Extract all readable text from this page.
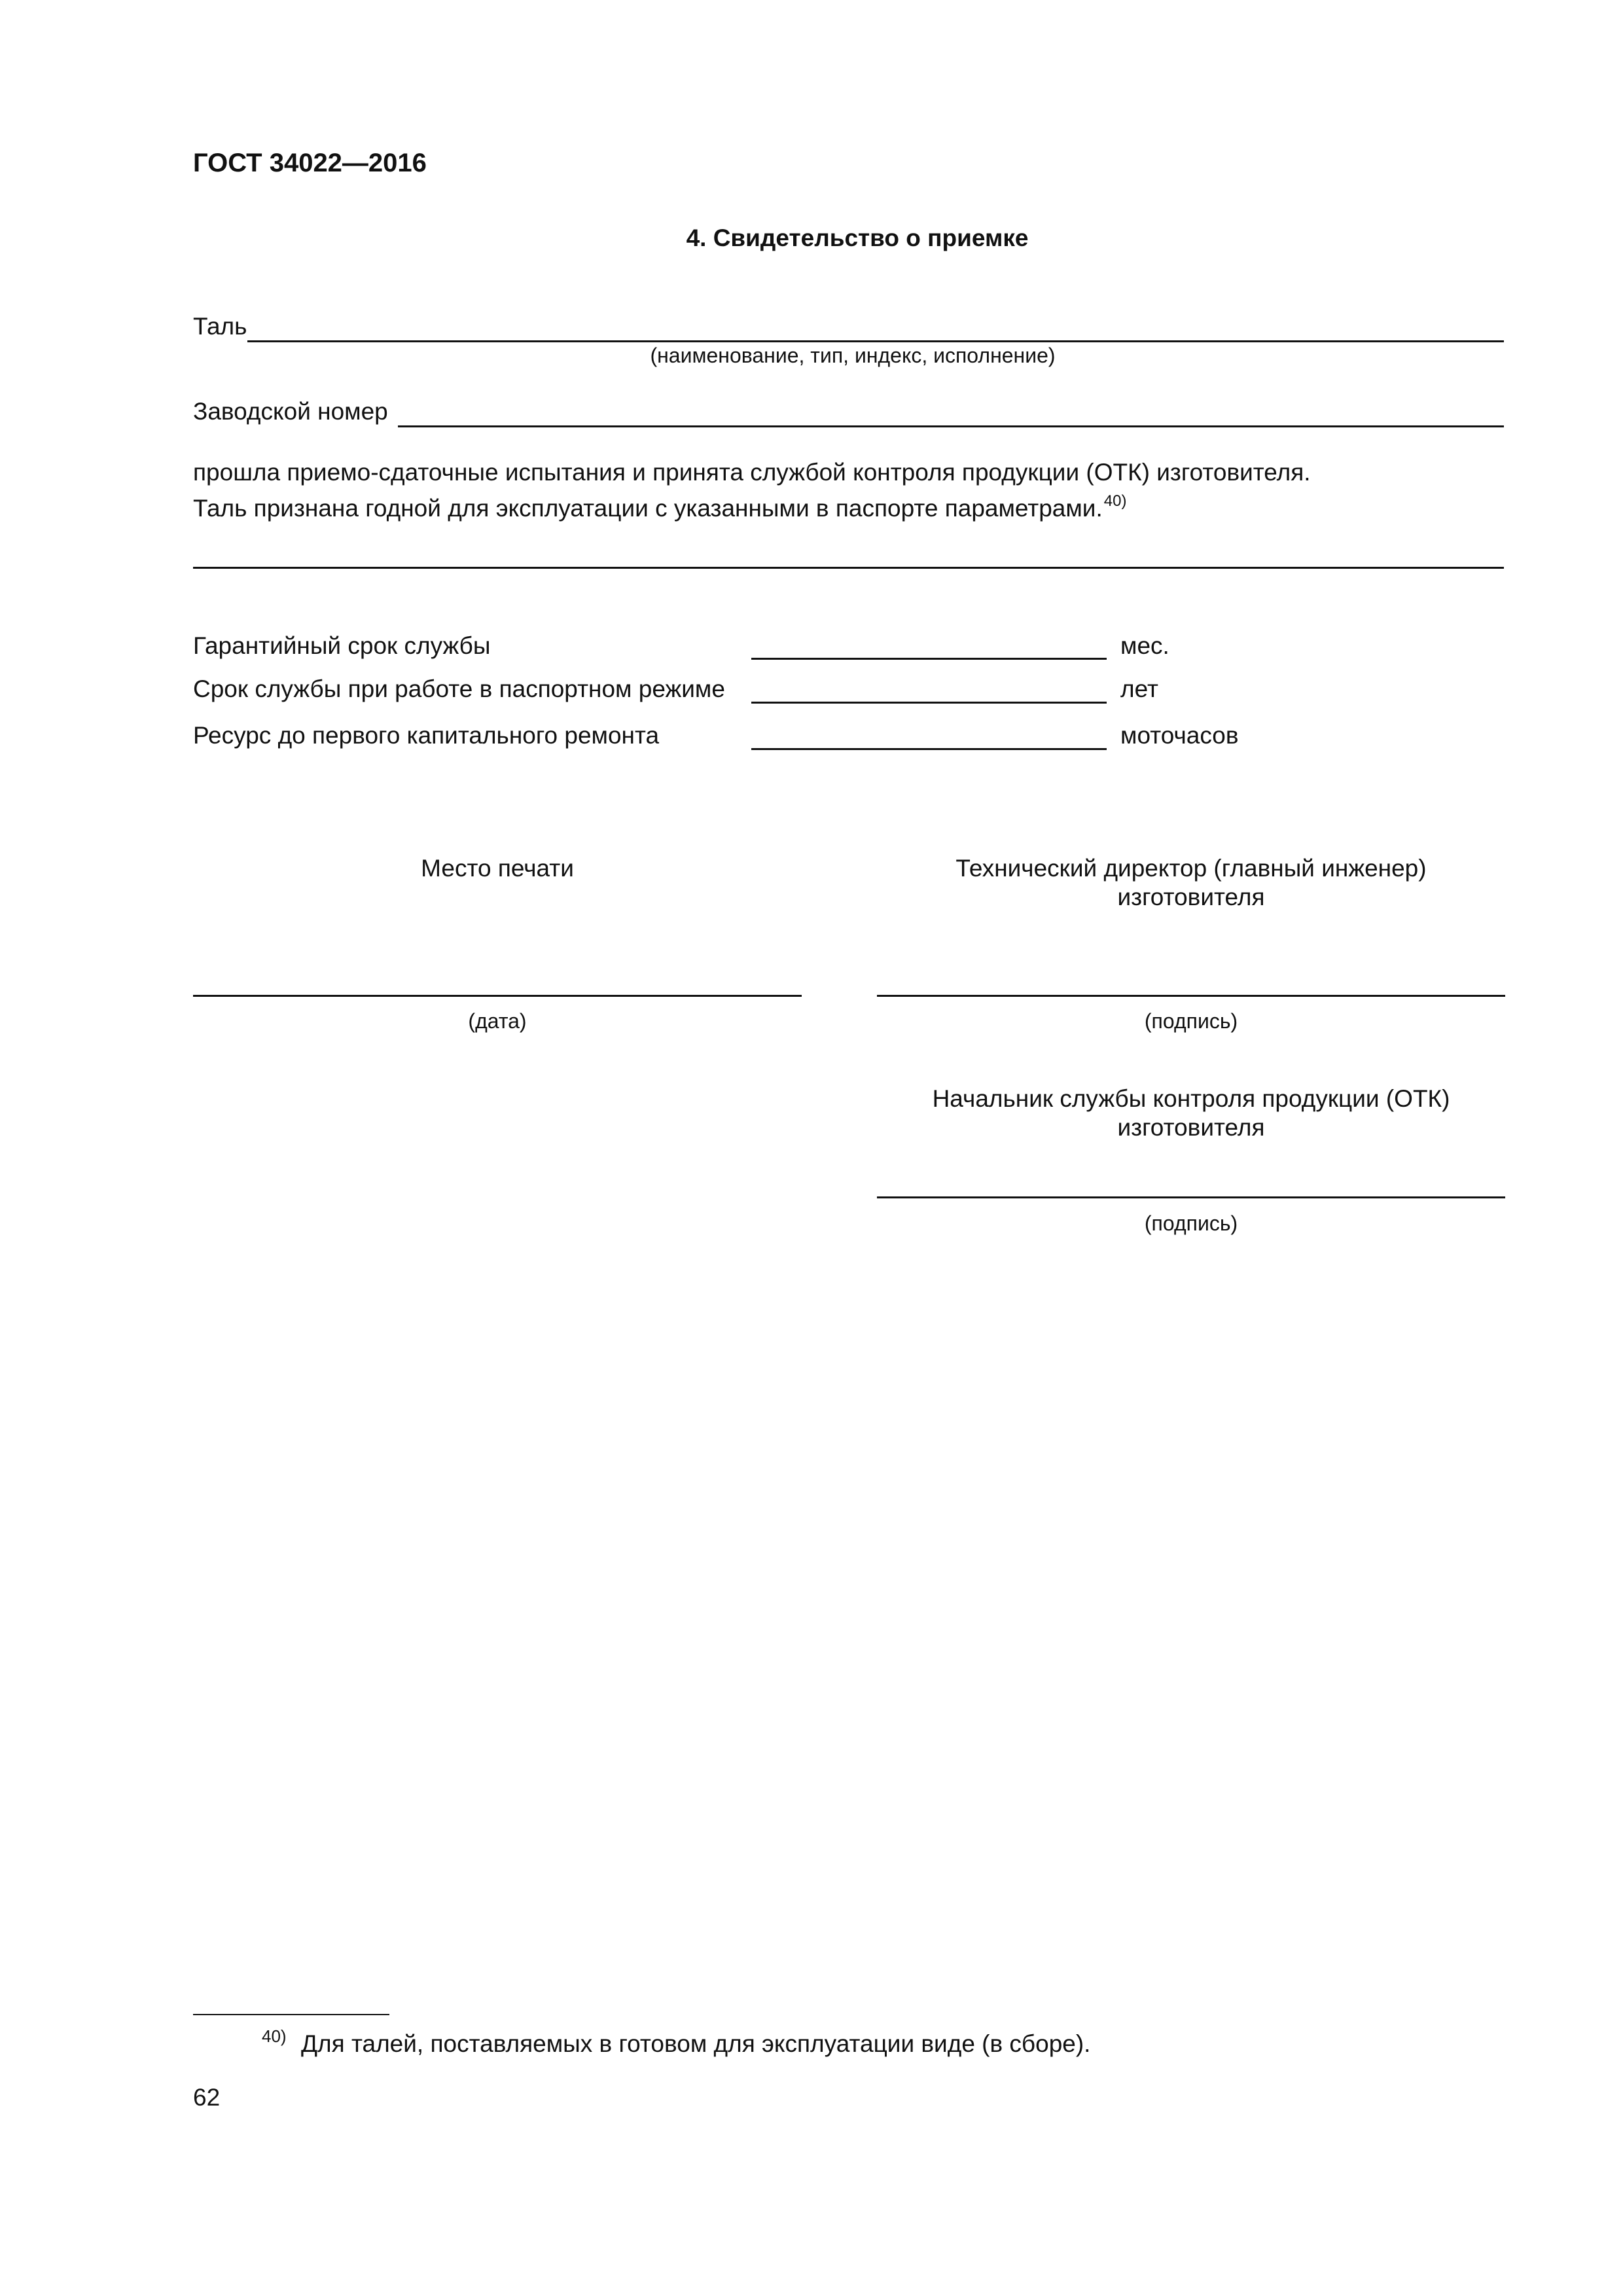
ГОСТ 34022—2016
4. Свидетельство о приемке
Таль
(наименование, тип, индекс, исполнение)
Заводской номер
прошла приемо-сдаточные испытания и принята службой контроля продукции (ОТК) изготовителя.
Таль признана годной для эксплуатации с указанными в паспорте параметрами.$^{40)}$
Гарантийный срок службы	мес.
Срок службы при работе в паспортном режиме	лет
Ресурс до первого капитального ремонта	моточасов
Место печати
(дата)
Технический директор (главный инженер)
изготовителя
(подпись)
Начальник службы контроля продукции (ОТК)
изготовителя
(подпись)
40) Для талей, поставляемых в готовом для эксплуатации виде (в сборе).
62
